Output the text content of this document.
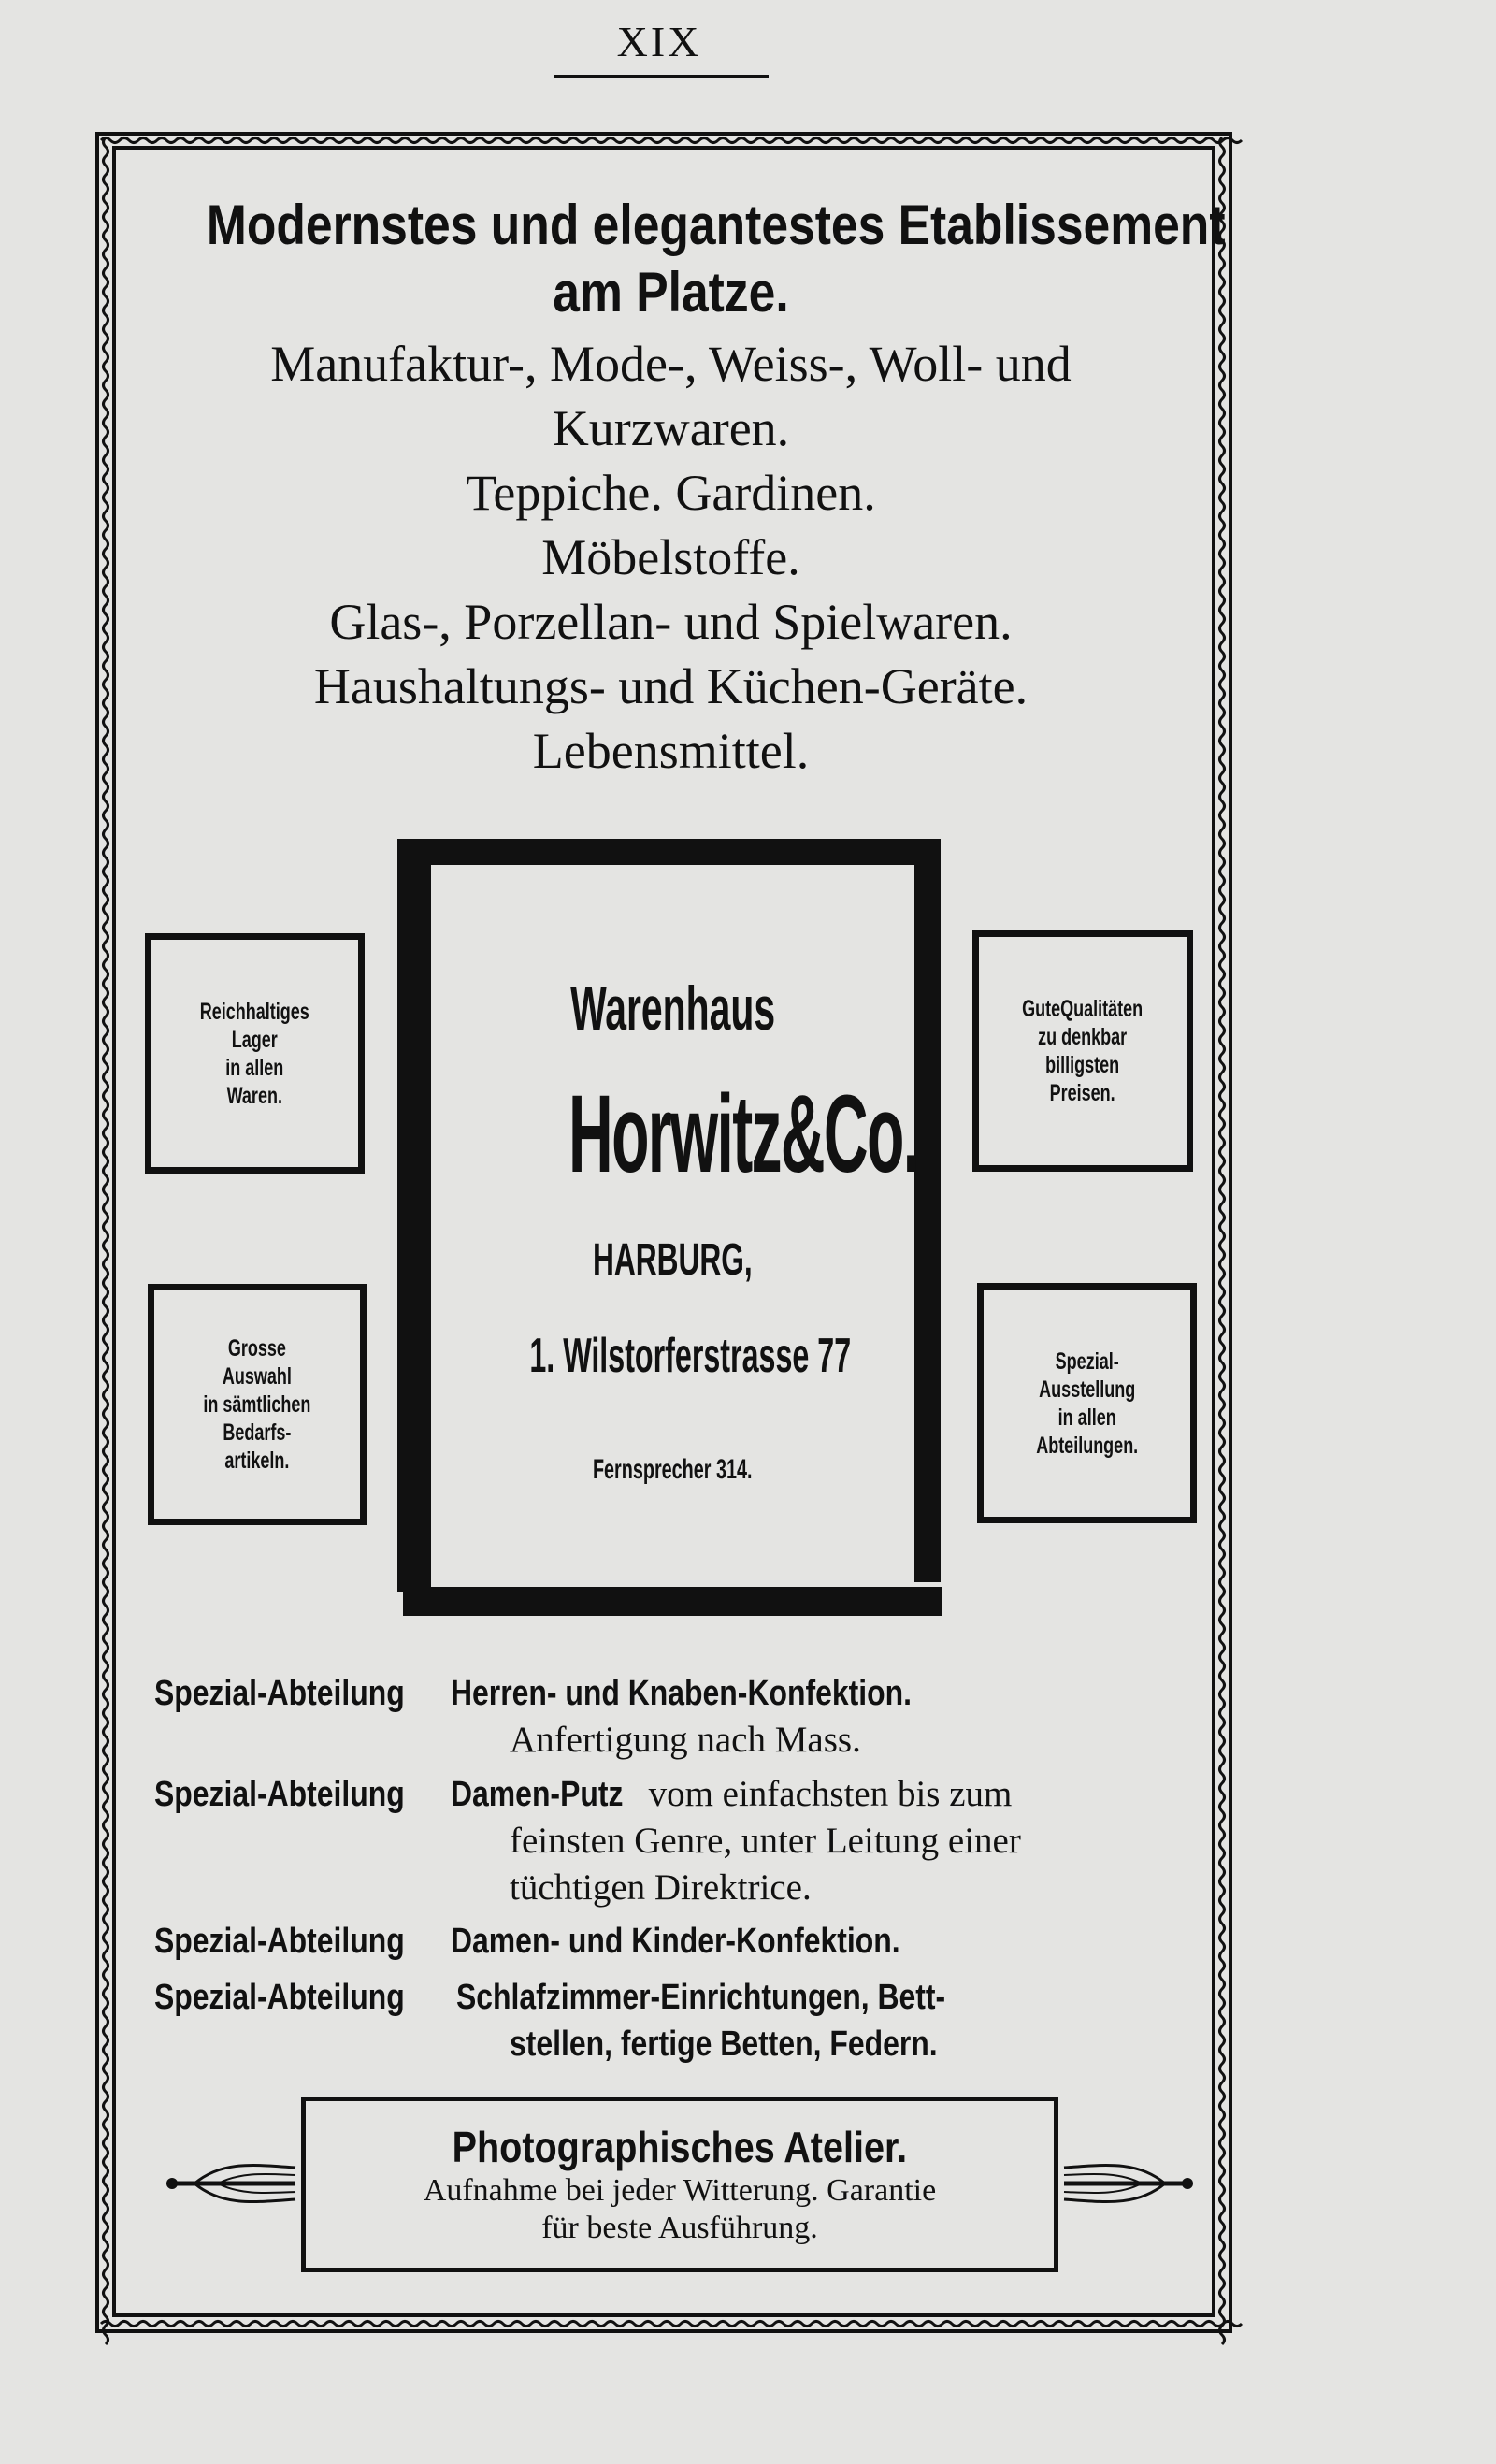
XIX
Modernstes und elegantestes Etablissement
am Platze.
Manufaktur-, Mode-, Weiss-, Woll- und
Kurzwaren.
Teppiche. Gardinen.
Möbelstoffe.
Glas-, Porzellan- und Spielwaren.
Haushaltungs- und Küchen-Geräte.
Lebensmittel.
Warenhaus
Horwitz&Co.
HARBURG,
1. Wilstorferstrasse 77
Fernsprecher 314.
Reichhaltiges
Lager
in allen
Waren.
GuteQualitäten
zu denkbar
billigsten
Preisen.
Grosse
Auswahl
in sämtlichen
Bedarfs-
artikeln.
Spezial-
Ausstellung
in allen
Abteilungen.
Spezial-Abteilung Herren- und Knaben-Konfektion.
Anfertigung nach Mass.
Spezial-Abteilung Damen-Putz vom einfachsten bis zum
feinsten Genre, unter Leitung einer
tüchtigen Direktrice.
Spezial-Abteilung Damen- und Kinder-Konfektion.
Spezial-Abteilung Schlafzimmer-Einrichtungen, Bett-
stellen, fertige Betten, Federn.
Photographisches Atelier.
Aufnahme bei jeder Witterung. Garantie
für beste Ausführung.
